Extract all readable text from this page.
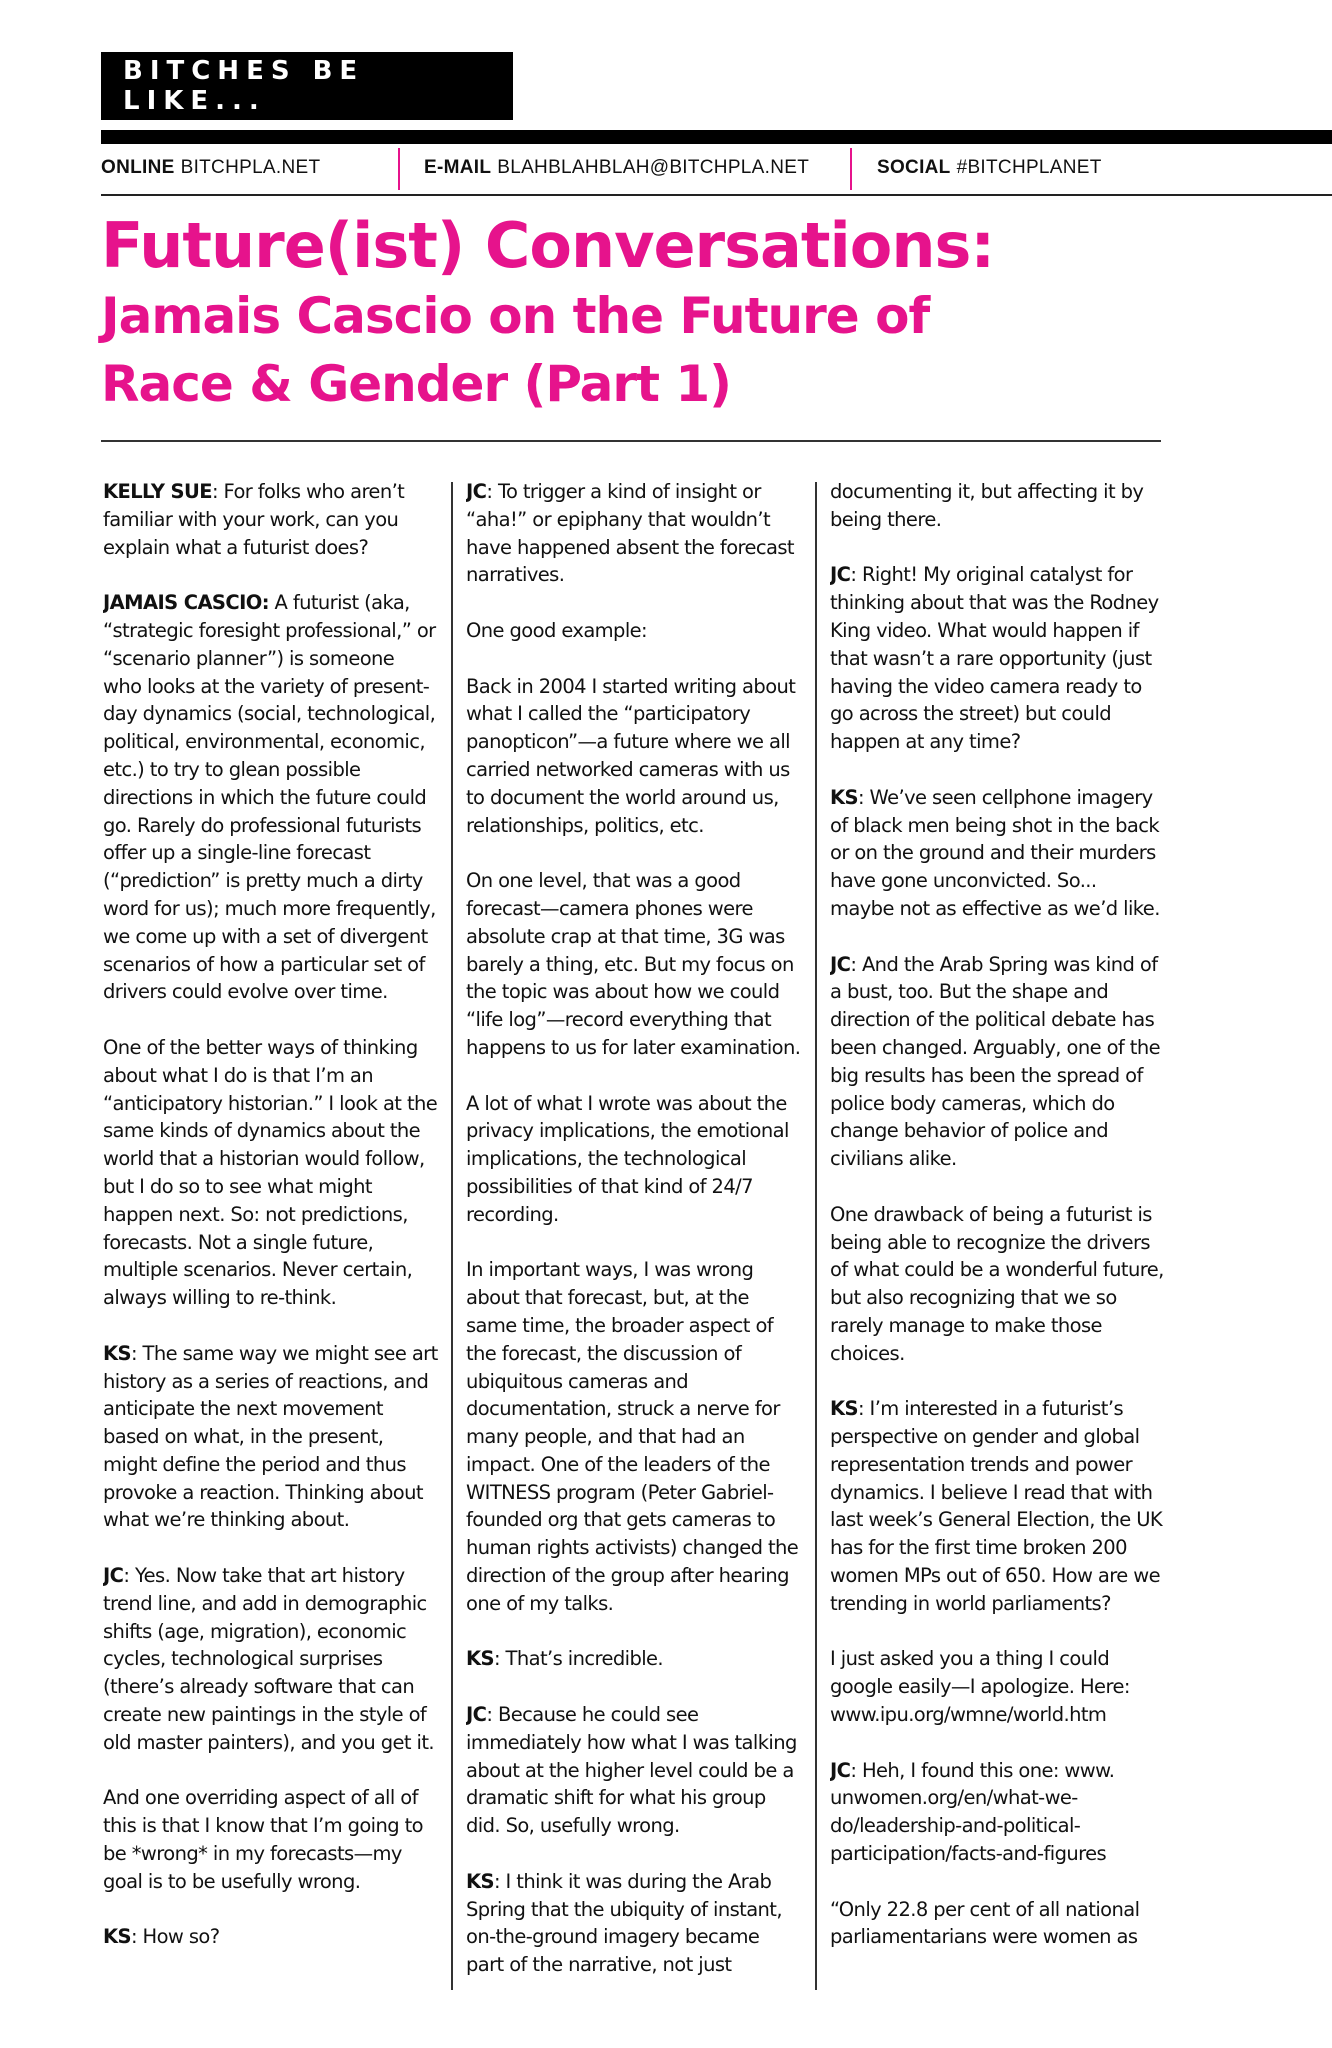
BITCHES BE LIKE...
ONLINE BITCHPLA.NET	E-MAIL BLAHBLAHBLAH@BITCHPLA.NET	SOCIAL #BITCHPLANET
Future(ist) Conversations:
Jamais Cascio on the Future of
Race & Gender (Part 1)

KELLY SUE: For folks who aren’t familiar with your work, can you explain what a futurist does?

JAMAIS CASCIO: A futurist (aka, “strategic foresight professional,” or “scenario planner”) is someone who looks at the variety of present-day dynamics (social, technological, political, environmental, economic, etc.) to try to glean possible directions in which the future could go. Rarely do professional futurists offer up a single-line forecast (“prediction” is pretty much a dirty word for us); much more frequently, we come up with a set of divergent scenarios of how a particular set of drivers could evolve over time.

One of the better ways of thinking about what I do is that I’m an “anticipatory historian.” I look at the same kinds of dynamics about the world that a historian would follow, but I do so to see what might happen next. So: not predictions, forecasts. Not a single future, multiple scenarios. Never certain, always willing to re-think.

KS: The same way we might see art history as a series of reactions, and anticipate the next movement based on what, in the present, might define the period and thus provoke a reaction. Thinking about what we’re thinking about.

JC: Yes. Now take that art history trend line, and add in demographic shifts (age, migration), economic cycles, technological surprises (there’s already software that can create new paintings in the style of old master painters), and you get it.

And one overriding aspect of all of this is that I know that I’m going to be *wrong* in my forecasts—my goal is to be usefully wrong.

KS: How so?

JC: To trigger a kind of insight or “aha!” or epiphany that wouldn’t have happened absent the forecast narratives.

One good example:

Back in 2004 I started writing about what I called the “participatory panopticon”—a future where we all carried networked cameras with us to document the world around us, relationships, politics, etc.

On one level, that was a good forecast—camera phones were absolute crap at that time, 3G was barely a thing, etc. But my focus on the topic was about how we could “life log”—record everything that happens to us for later examination.

A lot of what I wrote was about the privacy implications, the emotional implications, the technological possibilities of that kind of 24/7 recording.

In important ways, I was wrong about that forecast, but, at the same time, the broader aspect of the forecast, the discussion of ubiquitous cameras and documentation, struck a nerve for many people, and that had an impact. One of the leaders of the WITNESS program (Peter Gabriel-founded org that gets cameras to human rights activists) changed the direction of the group after hearing one of my talks.

KS: That’s incredible.

JC: Because he could see immediately how what I was talking about at the higher level could be a dramatic shift for what his group did. So, usefully wrong.

KS: I think it was during the Arab Spring that the ubiquity of instant, on-the-ground imagery became part of the narrative, not just

documenting it, but affecting it by being there.

JC: Right! My original catalyst for thinking about that was the Rodney King video. What would happen if that wasn’t a rare opportunity (just having the video camera ready to go across the street) but could happen at any time?

KS: We’ve seen cellphone imagery of black men being shot in the back or on the ground and their murders have gone unconvicted. So... maybe not as effective as we’d like.

JC: And the Arab Spring was kind of a bust, too. But the shape and direction of the political debate has been changed. Arguably, one of the big results has been the spread of police body cameras, which do change behavior of police and civilians alike.

One drawback of being a futurist is being able to recognize the drivers of what could be a wonderful future, but also recognizing that we so rarely manage to make those choices.

KS: I’m interested in a futurist’s perspective on gender and global representation trends and power dynamics. I believe I read that with last week’s General Election, the UK has for the first time broken 200 women MPs out of 650. How are we trending in world parliaments?

I just asked you a thing I could google easily—I apologize. Here: www.ipu.org/wmne/world.htm

JC: Heh, I found this one: www. unwomen.org/en/what-we-do/leadership-and-political-participation/facts-and-figures

“Only 22.8 per cent of all national parliamentarians were women as
